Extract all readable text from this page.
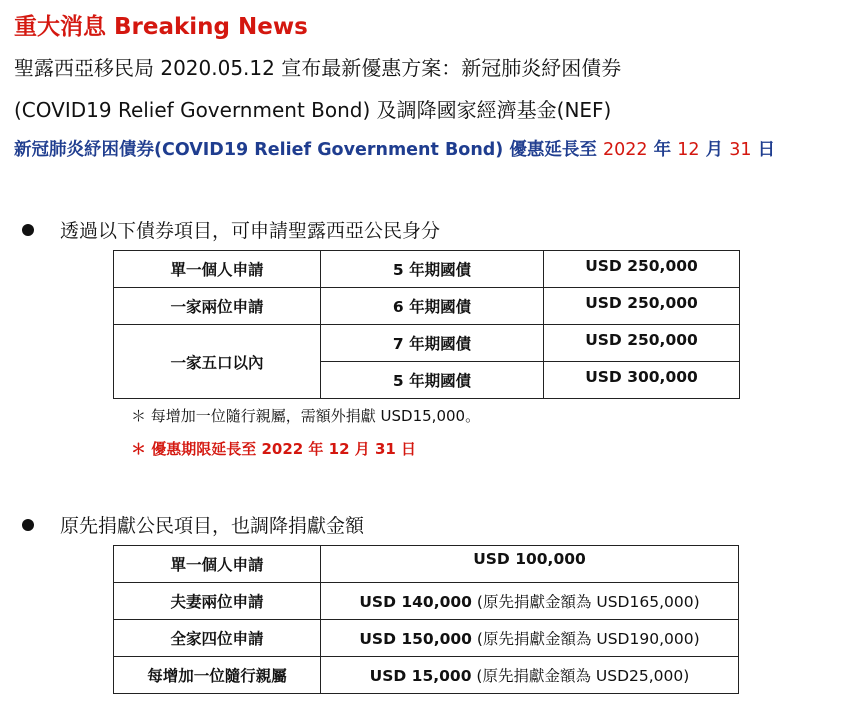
重大消息 Breaking News
聖露西亞移民局 2020.05.12 宣布最新優惠方案：新冠肺炎紓困債券
(COVID19 Relief Government Bond) 及調降國家經濟基金(NEF)
新冠肺炎紓困債券(COVID19 Relief Government Bond) 優惠延長至 2022 年 12 月 31 日
透過以下債券項目，可申請聖露西亞公民身分
單一個人申請	5 年期國債	USD 250,000
一家兩位申請	6 年期國債	USD 250,000
一家五口以內	7 年期國債	USD 250,000
	5 年期國債	USD 300,000
＊ 每增加一位隨行親屬，需額外捐獻 USD15,000。
＊ 優惠期限延長至 2022 年 12 月 31 日
原先捐獻公民項目，也調降捐獻金額
單一個人申請	USD 100,000
夫妻兩位申請	USD 140,000 (原先捐獻金額為 USD165,000)
全家四位申請	USD 150,000 (原先捐獻金額為 USD190,000)
每增加一位隨行親屬	USD 15,000 (原先捐獻金額為 USD25,000)
